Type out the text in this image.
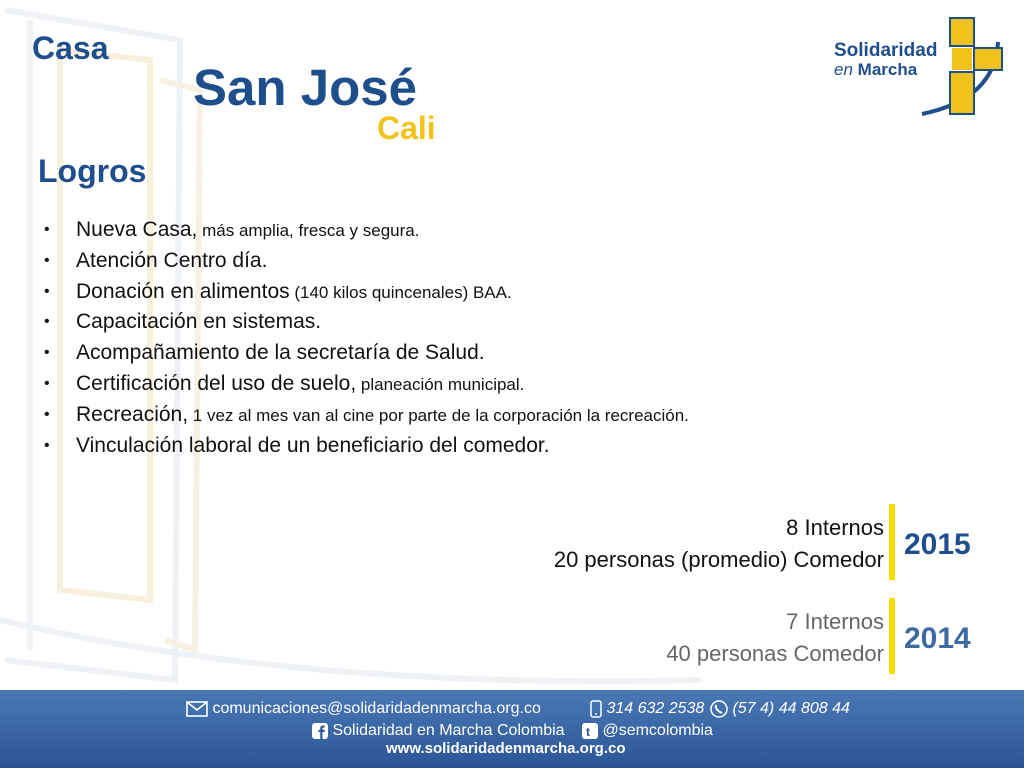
Casa
San José
Cali
Logros
Solidaridad
en Marcha
• Nueva Casa, más amplia, fresca y segura.
• Atención Centro día.
• Donación en alimentos (140 kilos quincenales) BAA.
• Capacitación en sistemas.
• Acompañamiento de la secretaría de Salud.
• Certificación del uso de suelo, planeación municipal.
• Recreación, 1 vez al mes van al cine por parte de la corporación la recreación.
• Vinculación laboral de un beneficiario del comedor.
8 Internos
20 personas (promedio) Comedor 2015
7 Internos
40 personas Comedor 2014
comunicaciones@solidaridadenmarcha.org.co	314 632 2538	(57 4) 44 808 44
Solidaridad en Marcha Colombia t @semcolombia
www.solidaridadenmarcha.org.co
